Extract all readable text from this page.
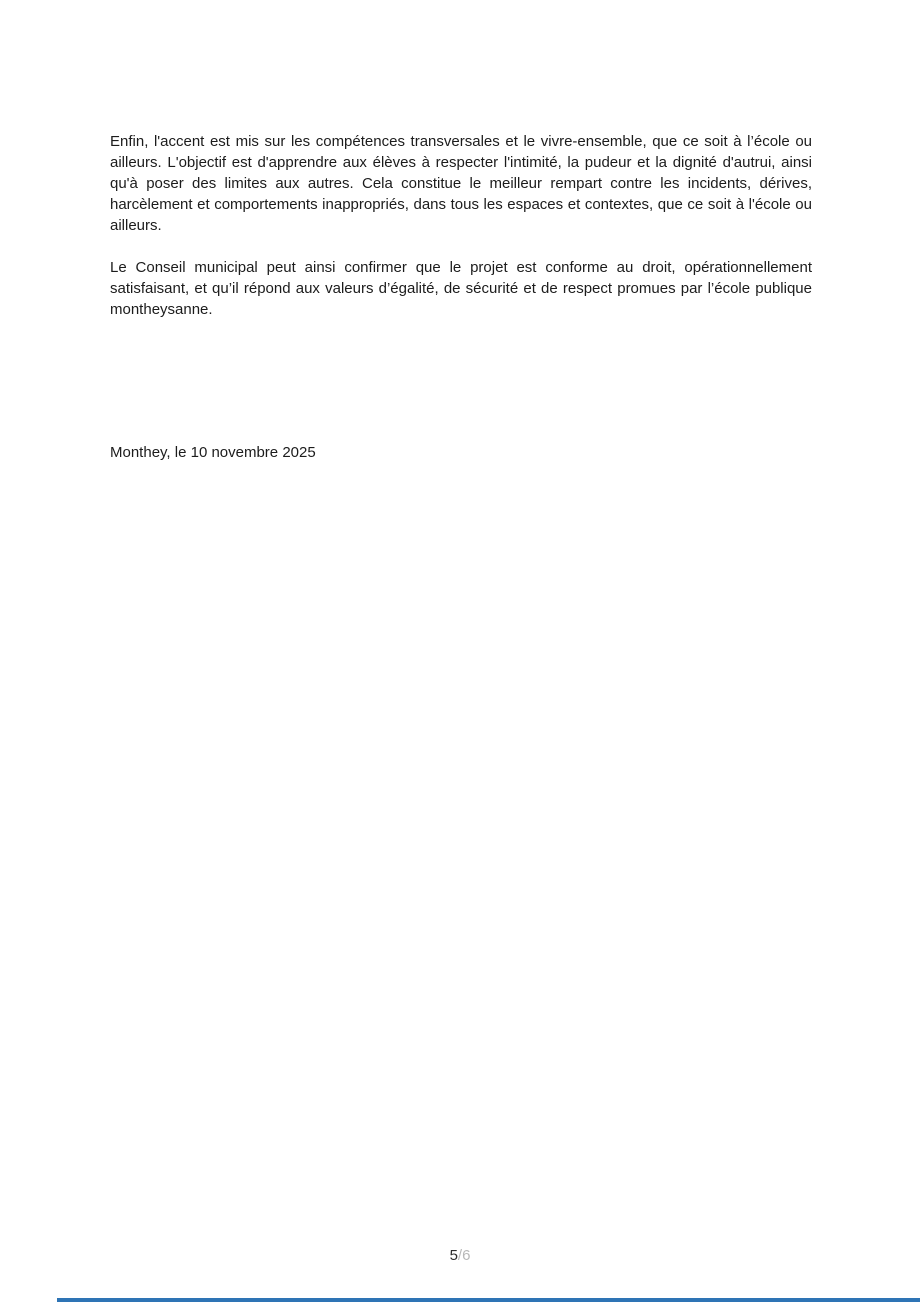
Enfin, l'accent est mis sur les compétences transversales et le vivre-ensemble, que ce soit à l’école ou ailleurs. L'objectif est d'apprendre aux élèves à respecter l'intimité, la pudeur et la dignité d'autrui, ainsi qu'à poser des limites aux autres. Cela constitue le meilleur rempart contre les incidents, dérives, harcèlement et comportements inappropriés, dans tous les espaces et contextes, que ce soit à l'école ou ailleurs.

Le Conseil municipal peut ainsi confirmer que le projet est conforme au droit, opérationnellement satisfaisant, et qu’il répond aux valeurs d’égalité, de sécurité et de respect promues par l’école publique montheysanne.

Monthey, le 10 novembre 2025

5/6
